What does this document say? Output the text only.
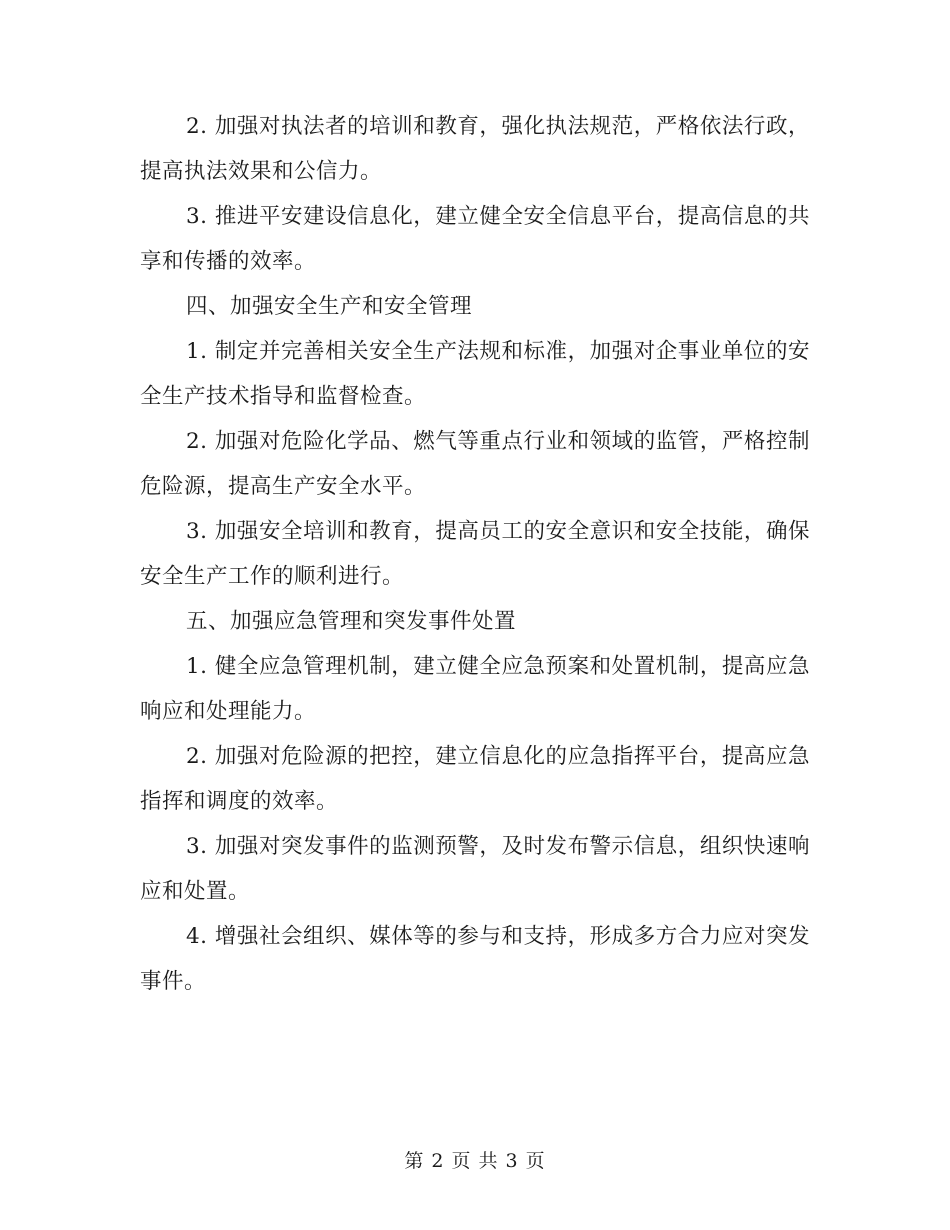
2. 加强对执法者的培训和教育，强化执法规范，严格依法行政，提高执法效果和公信力。

3. 推进平安建设信息化，建立健全安全信息平台，提高信息的共享和传播的效率。

四、加强安全生产和安全管理

1. 制定并完善相关安全生产法规和标准，加强对企事业单位的安全生产技术指导和监督检查。

2. 加强对危险化学品、燃气等重点行业和领域的监管，严格控制危险源，提高生产安全水平。

3. 加强安全培训和教育，提高员工的安全意识和安全技能，确保安全生产工作的顺利进行。

五、加强应急管理和突发事件处置

1. 健全应急管理机制，建立健全应急预案和处置机制，提高应急响应和处理能力。

2. 加强对危险源的把控，建立信息化的应急指挥平台，提高应急指挥和调度的效率。

3. 加强对突发事件的监测预警，及时发布警示信息，组织快速响应和处置。

4. 增强社会组织、媒体等的参与和支持，形成多方合力应对突发事件。

第 2 页 共 3 页
